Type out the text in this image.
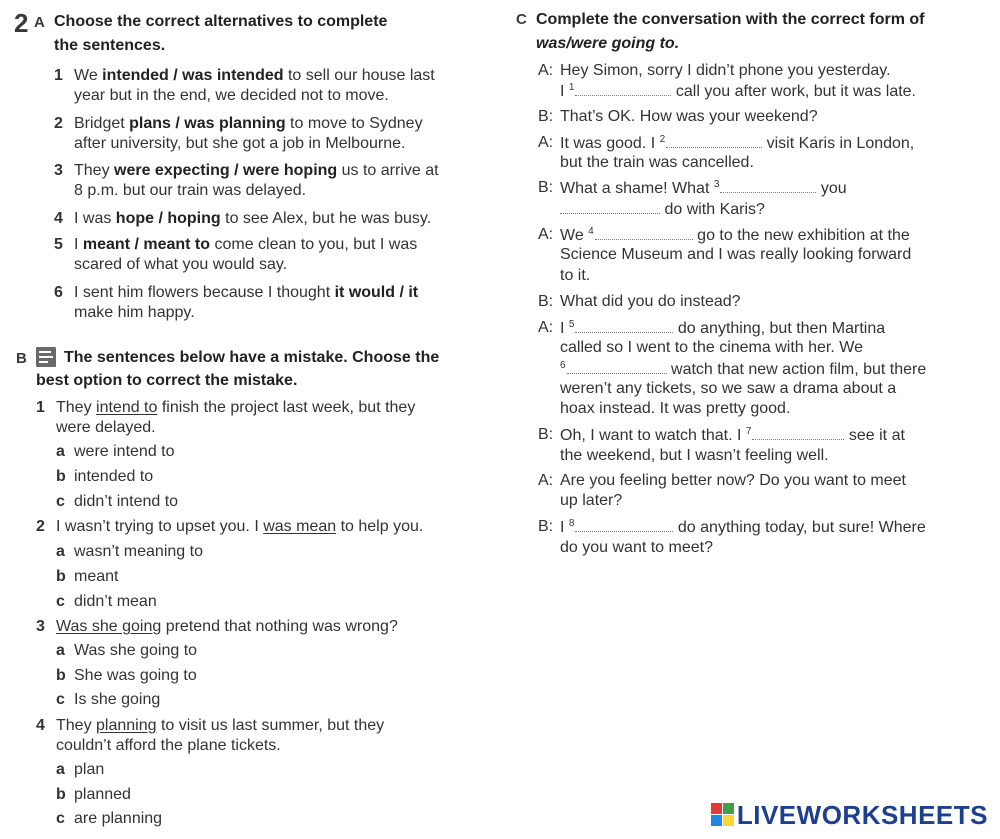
2 A Choose the correct alternatives to complete
the sentences.
1 We intended / was intended to sell our house last
year but in the end, we decided not to move.
2 Bridget plans / was planning to move to Sydney
after university, but she got a job in Melbourne.
3 They were expecting / were hoping us to arrive at
8 p.m. but our train was delayed.
4 I was hope / hoping to see Alex, but he was busy.
5 I meant / meant to come clean to you, but I was
scared of what you would say.
6 I sent him flowers because I thought it would / it
make him happy.
B The sentences below have a mistake. Choose the
best option to correct the mistake.
1 They intend to finish the project last week, but they
were delayed.
a were intend to
b intended to
c didn’t intend to
2 I wasn’t trying to upset you. I was mean to help you.
a wasn’t meaning to
b meant
c didn’t mean
3 Was she going pretend that nothing was wrong?
a Was she going to
b She was going to
c Is she going
4 They planning to visit us last summer, but they
couldn’t afford the plane tickets.
a plan
b planned
c are planning
C Complete the conversation with the correct form of
was/were going to.
A: Hey Simon, sorry I didn’t phone you yesterday.
I $^1$	call you after work, but it was late.
B: That’s OK. How was your weekend?
A: It was good. I $^2$	visit Karis in London,
but the train was cancelled.
B: What a shame! What $^3$	you
do with Karis?
A: We $^4$	go to the new exhibition at the
Science Museum and I was really looking forward
to it.
B: What did you do instead?
A: I $^5$	do anything, but then Martina
called so I went to the cinema with her. We
$^6$	watch that new action film, but there
weren’t any tickets, so we saw a drama about a
hoax instead. It was pretty good.
B: Oh, I want to watch that. I $^7$	see it at
the weekend, but I wasn’t feeling well.
A: Are you feeling better now? Do you want to meet
up later?
B: I $^8$	do anything today, but sure! Where
do you want to meet?
LIVEWORKSHEETS
